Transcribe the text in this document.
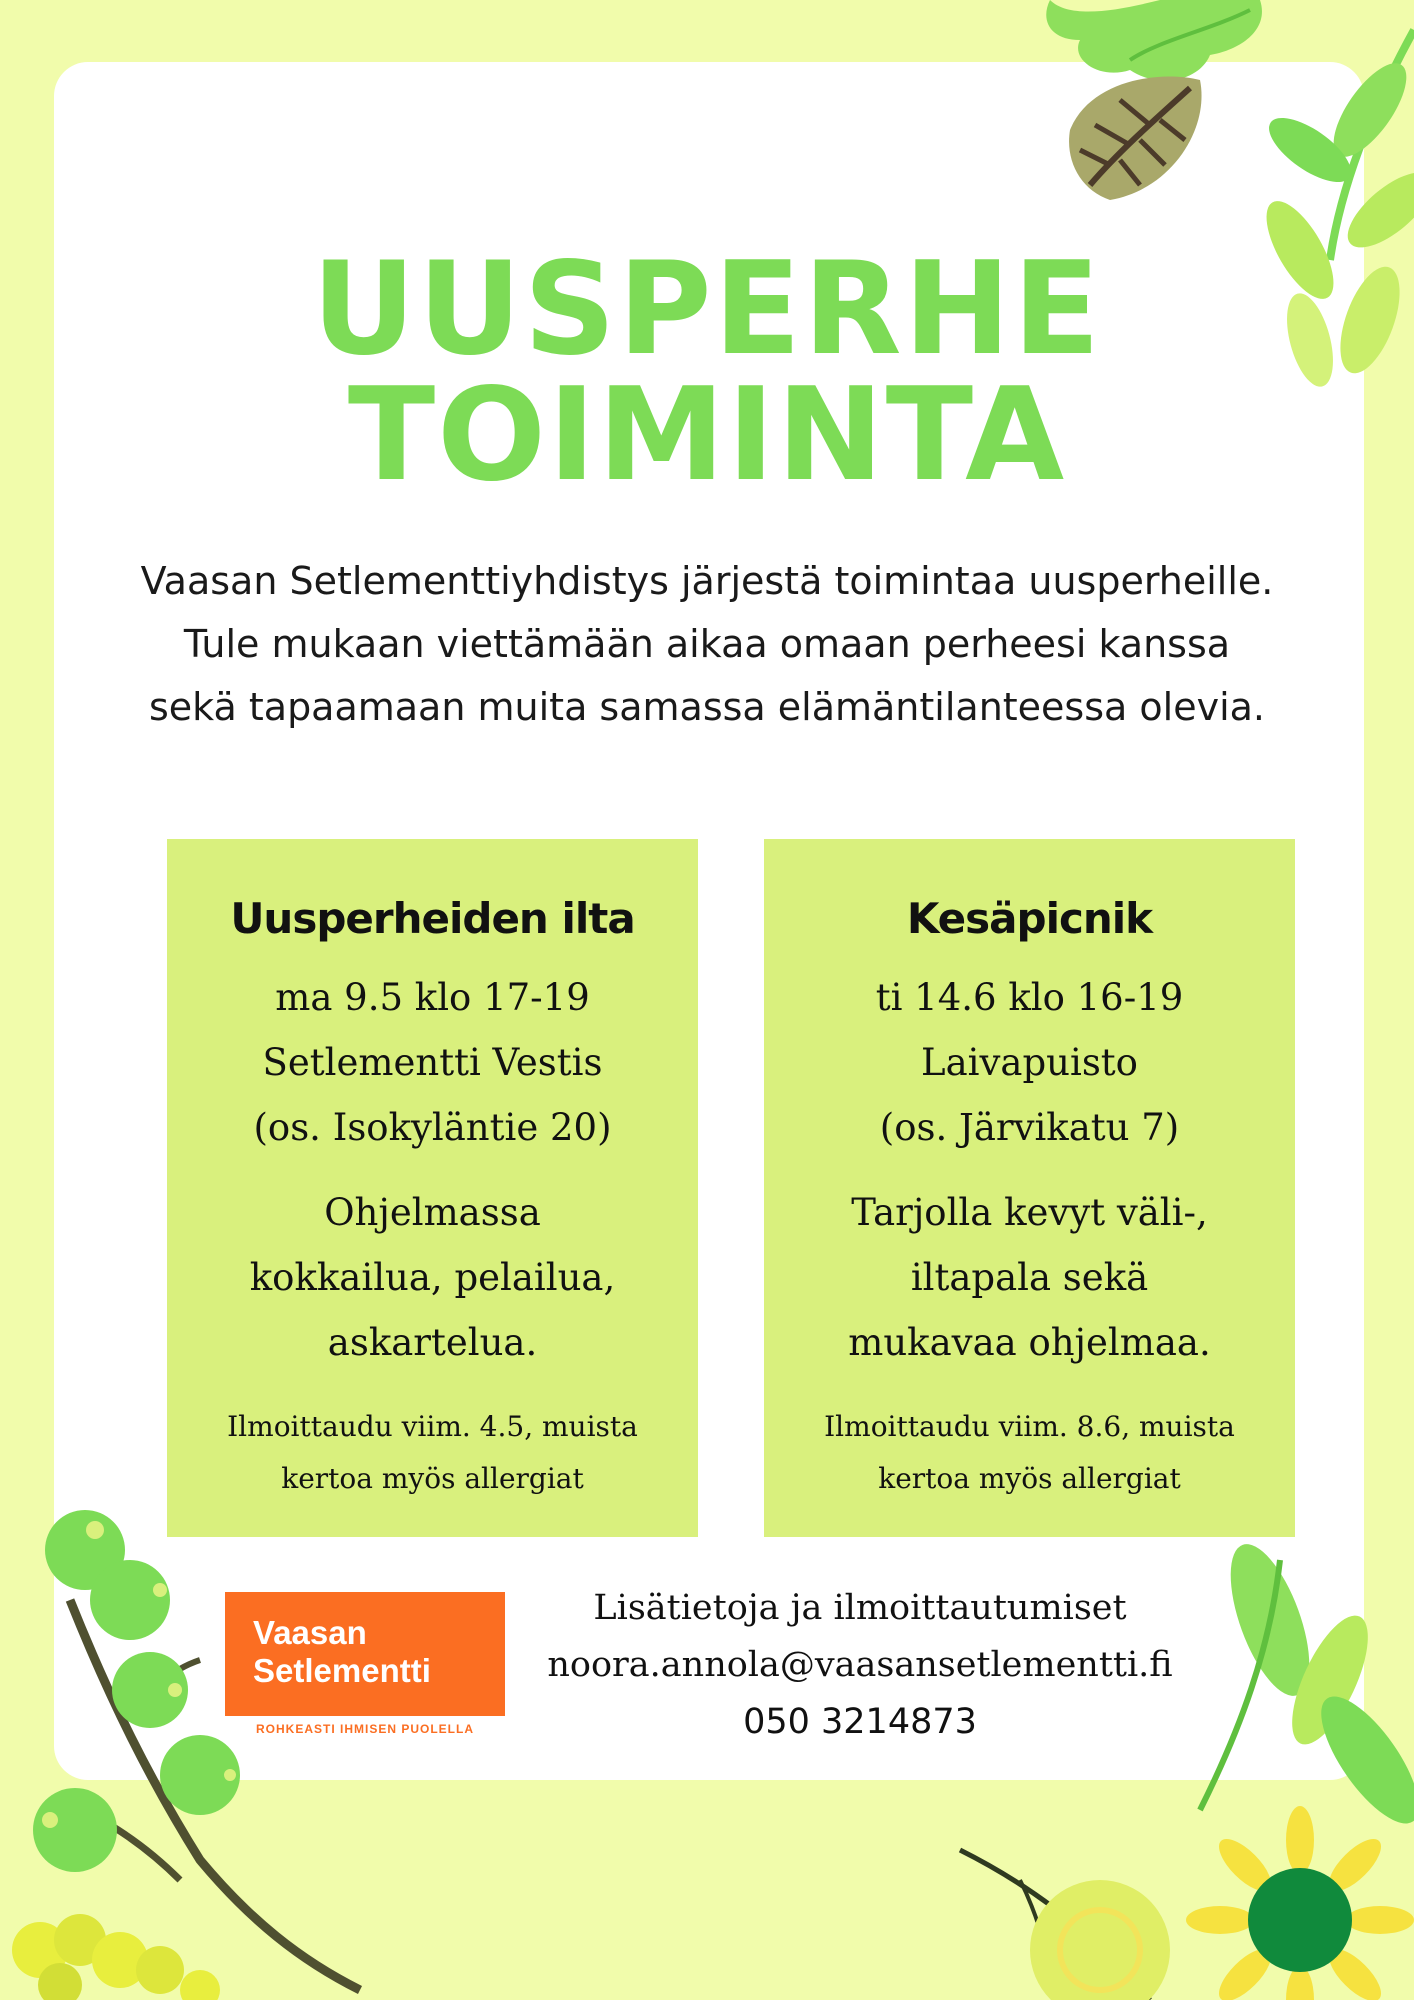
UUSPERHE
TOIMINTA
Vaasan Setlementtiyhdistys järjestä toimintaa uusperheille. Tule mukaan viettämään aikaa omaan perheesi kanssa sekä tapaamaan muita samassa elämäntilanteessa olevia.
Uusperheiden ilta
ma 9.5 klo 17-19
Setlementti Vestis
(os. Isokyläntie 20)
Ohjelmassa
kokkailua, pelailua,
askartelua.
Ilmoittaudu viim. 4.5, muista
kertoa myös allergiat
Kesäpicnik
ti 14.6 klo 16-19
Laivapuisto
(os. Järvikatu 7)
Tarjolla kevyt väli-,
iltapala sekä
mukavaa ohjelmaa.
Ilmoittaudu viim. 8.6, muista
kertoa myös allergiat
Vaasan
Setlementti
ROHKEASTI IHMISEN PUOLELLA
Lisätietoja ja ilmoittautumiset
noora.annola@vaasansetlementti.fi
050 3214873
